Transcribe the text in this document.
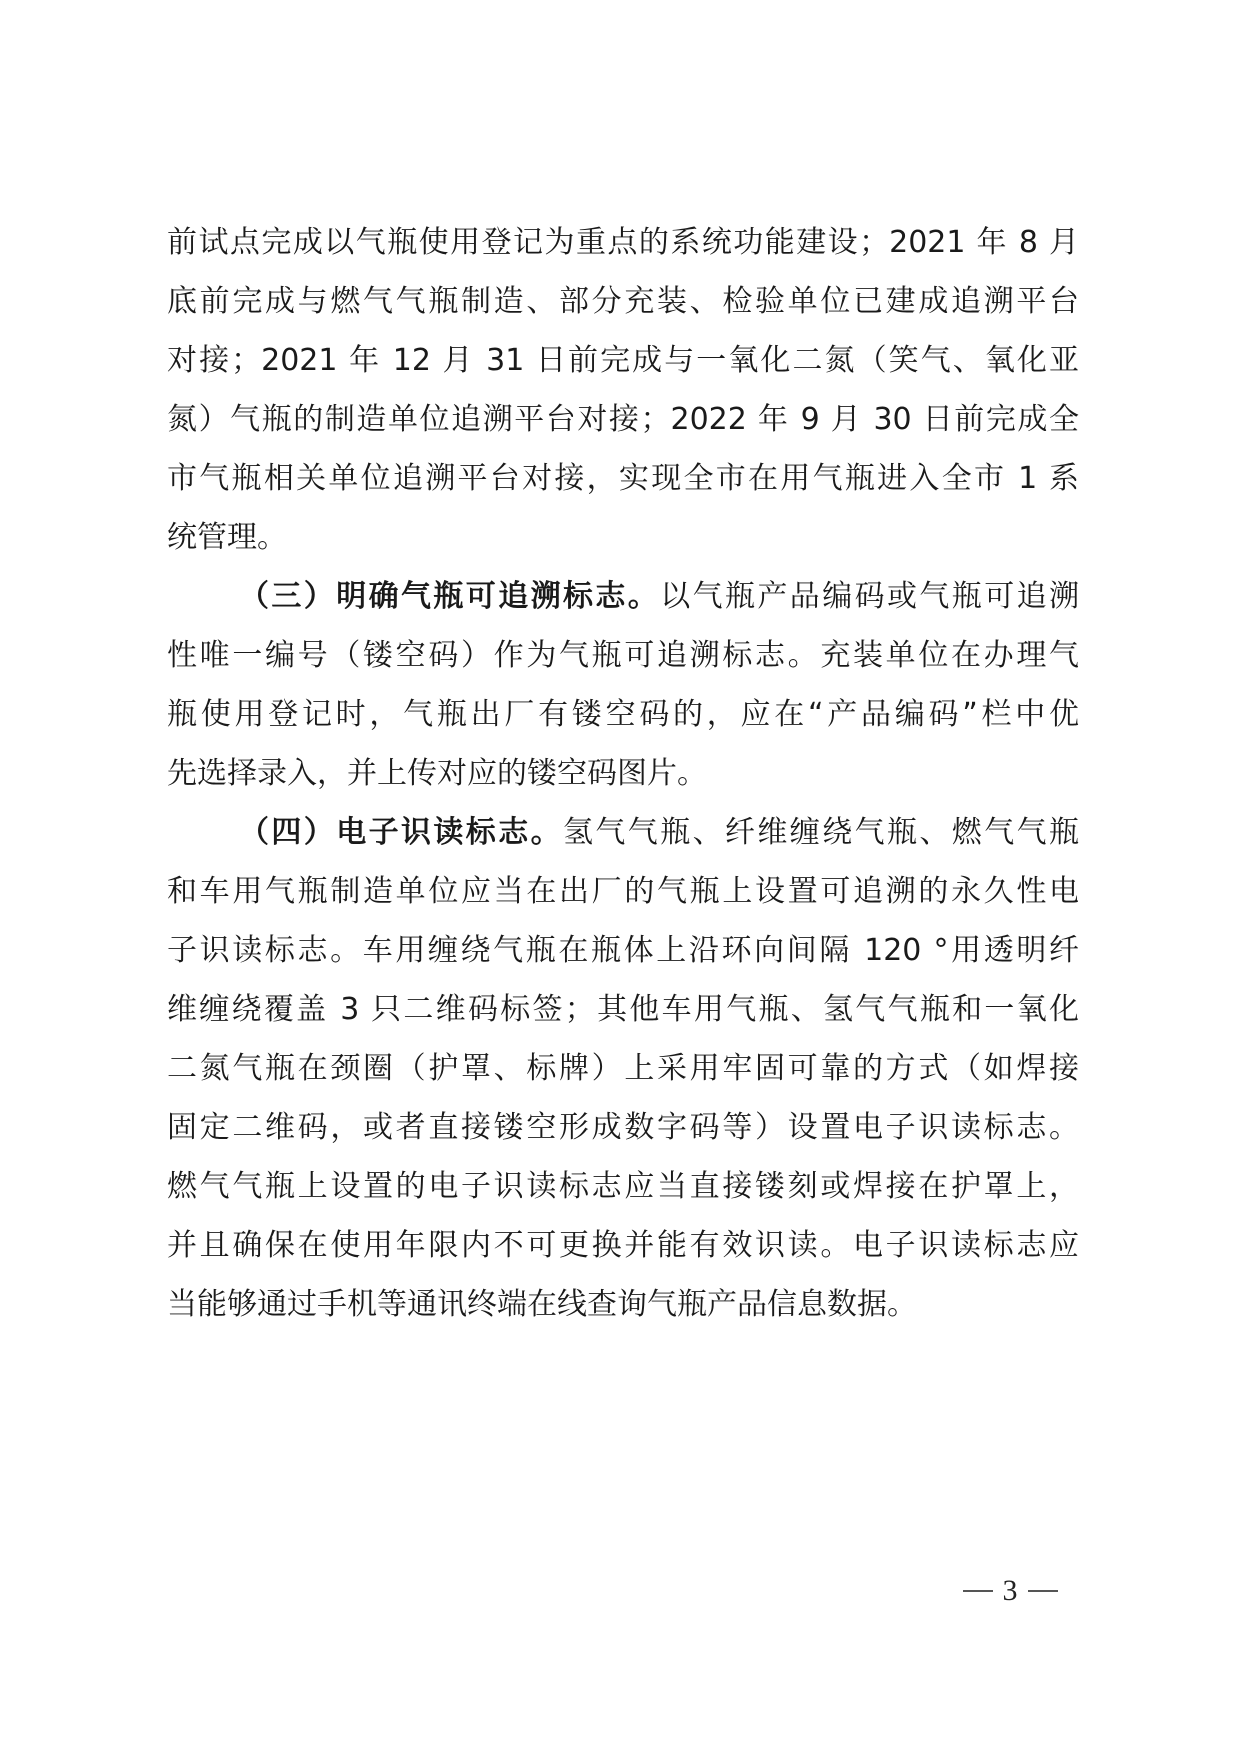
前试点完成以气瓶使用登记为重点的系统功能建设；2021 年 8 月
底前完成与燃气气瓶制造、部分充装、检验单位已建成追溯平台
对接；2021 年 12 月 31 日前完成与一氧化二氮（笑气、氧化亚
氮）气瓶的制造单位追溯平台对接；2022 年 9 月 30 日前完成全
市气瓶相关单位追溯平台对接，实现全市在用气瓶进入全市 1 系
统管理。
（三）明确气瓶可追溯标志。以气瓶产品编码或气瓶可追溯
性唯一编号（镂空码）作为气瓶可追溯标志。充装单位在办理气
瓶使用登记时，气瓶出厂有镂空码的，应在“产品编码”栏中优
先选择录入，并上传对应的镂空码图片。
（四）电子识读标志。氢气气瓶、纤维缠绕气瓶、燃气气瓶
和车用气瓶制造单位应当在出厂的气瓶上设置可追溯的永久性电
子识读标志。车用缠绕气瓶在瓶体上沿环向间隔 120 °用透明纤
维缠绕覆盖 3 只二维码标签；其他车用气瓶、氢气气瓶和一氧化
二氮气瓶在颈圈（护罩、标牌）上采用牢固可靠的方式（如焊接
固定二维码，或者直接镂空形成数字码等）设置电子识读标志。
燃气气瓶上设置的电子识读标志应当直接镂刻或焊接在护罩上，
并且确保在使用年限内不可更换并能有效识读。电子识读标志应
当能够通过手机等通讯终端在线查询气瓶产品信息数据。
3
